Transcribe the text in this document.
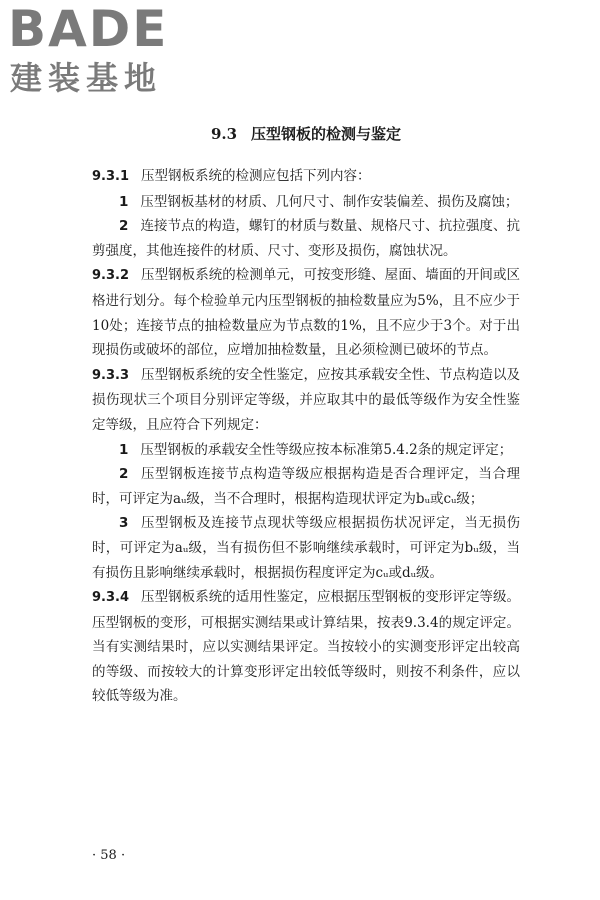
BADE
建装基地
9.3 压型钢板的检测与鉴定

9.3.1 压型钢板系统的检测应包括下列内容：

1 压型钢板基材的材质、几何尺寸、制作安装偏差、损伤及腐蚀；

2 连接节点的构造，螺钉的材质与数量、规格尺寸、抗拉强度、抗剪强度，其他连接件的材质、尺寸、变形及损伤，腐蚀状况。

9.3.2 压型钢板系统的检测单元，可按变形缝、屋面、墙面的开间或区格进行划分。每个检验单元内压型钢板的抽检数量应为5%，且不应少于10处；连接节点的抽检数量应为节点数的1%，且不应少于3个。对于出现损伤或破坏的部位，应增加抽检数量，且必须检测已破坏的节点。

9.3.3 压型钢板系统的安全性鉴定，应按其承载安全性、节点构造以及损伤现状三个项目分别评定等级，并应取其中的最低等级作为安全性鉴定等级，且应符合下列规定：

1 压型钢板的承载安全性等级应按本标准第5.4.2条的规定评定；

2 压型钢板连接节点构造等级应根据构造是否合理评定，当合理时，可评定为aᵤ级，当不合理时，根据构造现状评定为bᵤ或cᵤ级；

3 压型钢板及连接节点现状等级应根据损伤状况评定，当无损伤时，可评定为aᵤ级，当有损伤但不影响继续承载时，可评定为bᵤ级，当有损伤且影响继续承载时，根据损伤程度评定为cᵤ或dᵤ级。

9.3.4 压型钢板系统的适用性鉴定，应根据压型钢板的变形评定等级。压型钢板的变形，可根据实测结果或计算结果，按表9.3.4的规定评定。当有实测结果时，应以实测结果评定。当按较小的实测变形评定出较高的等级、而按较大的计算变形评定出较低等级时，则按不利条件，应以较低等级为准。

· 58 ·
